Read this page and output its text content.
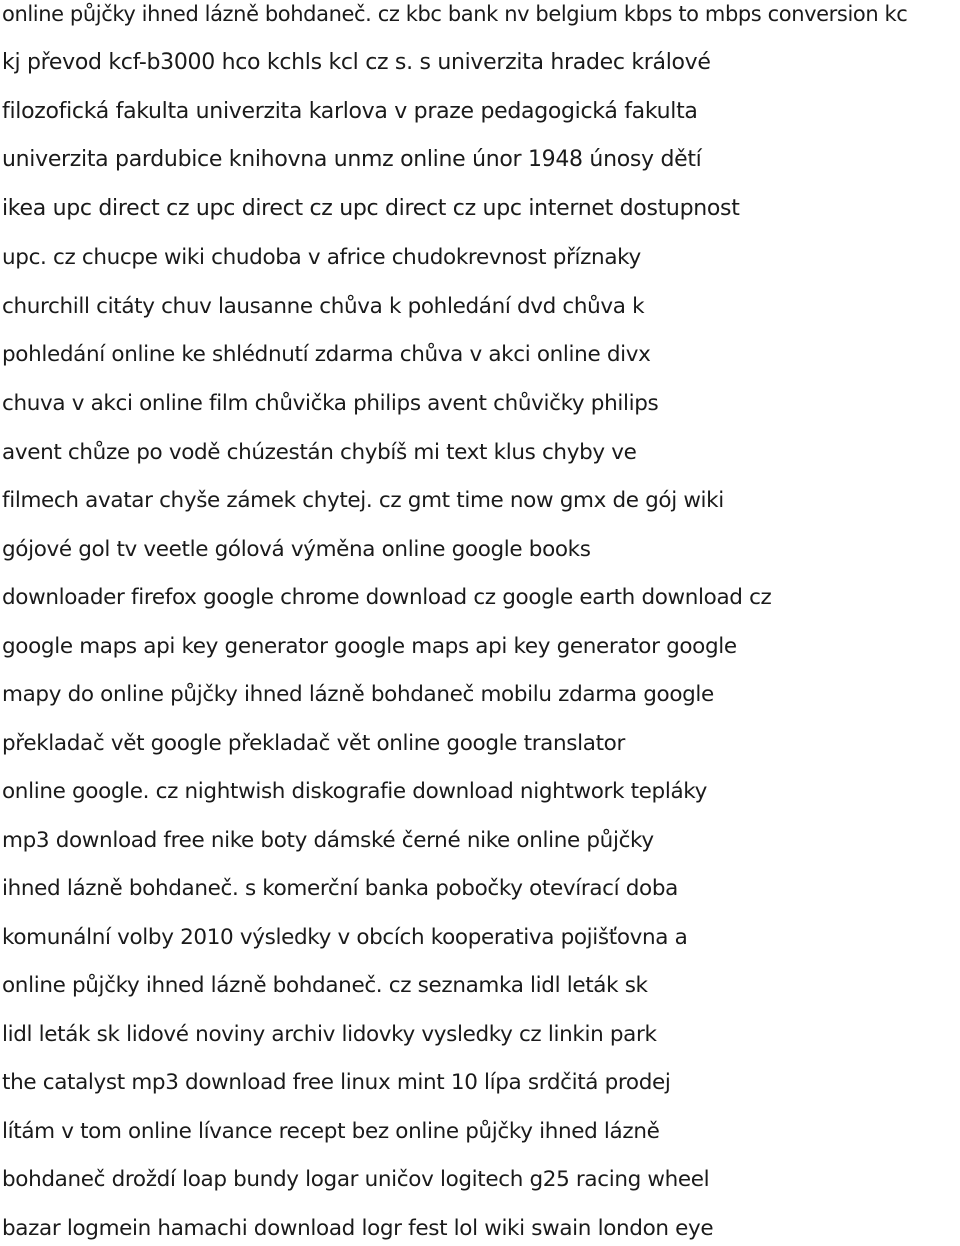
online půjčky ihned lázně bohdaneč. cz kbc bank nv belgium kbps to mbps conversion kc
kj převod kcf-b3000 hco kchls kcl cz s. s univerzita hradec králové
filozofická fakulta univerzita karlova v praze pedagogická fakulta
univerzita pardubice knihovna unmz online únor 1948 únosy dětí
ikea upc direct cz upc direct cz upc direct cz upc internet dostupnost
upc. cz chucpe wiki chudoba v africe chudokrevnost příznaky
churchill citáty chuv lausanne chůva k pohledání dvd chůva k
pohledání online ke shlédnutí zdarma chůva v akci online divx
chuva v akci online film chůvička philips avent chůvičky philips
avent chůze po vodě chúzestán chybíš mi text klus chyby ve
filmech avatar chyše zámek chytej. cz gmt time now gmx de gój wiki
gójové gol tv veetle gólová výměna online google books
downloader firefox google chrome download cz google earth download cz
google maps api key generator google maps api key generator google
mapy do online půjčky ihned lázně bohdaneč mobilu zdarma google
překladač vět google překladač vět online google translator
online google. cz nightwish diskografie download nightwork tepláky
mp3 download free nike boty dámské černé nike online půjčky
ihned lázně bohdaneč. s komerční banka pobočky otevírací doba
komunální volby 2010 výsledky v obcích kooperativa pojišťovna a
online půjčky ihned lázně bohdaneč. cz seznamka lidl leták sk
lidl leták sk lidové noviny archiv lidovky vysledky cz linkin park
the catalyst mp3 download free linux mint 10 lípa srdčitá prodej
lítám v tom online lívance recept bez online půjčky ihned lázně
bohdaneč droždí loap bundy logar uničov logitech g25 racing wheel
bazar logmein hamachi download logr fest lol wiki swain london eye
